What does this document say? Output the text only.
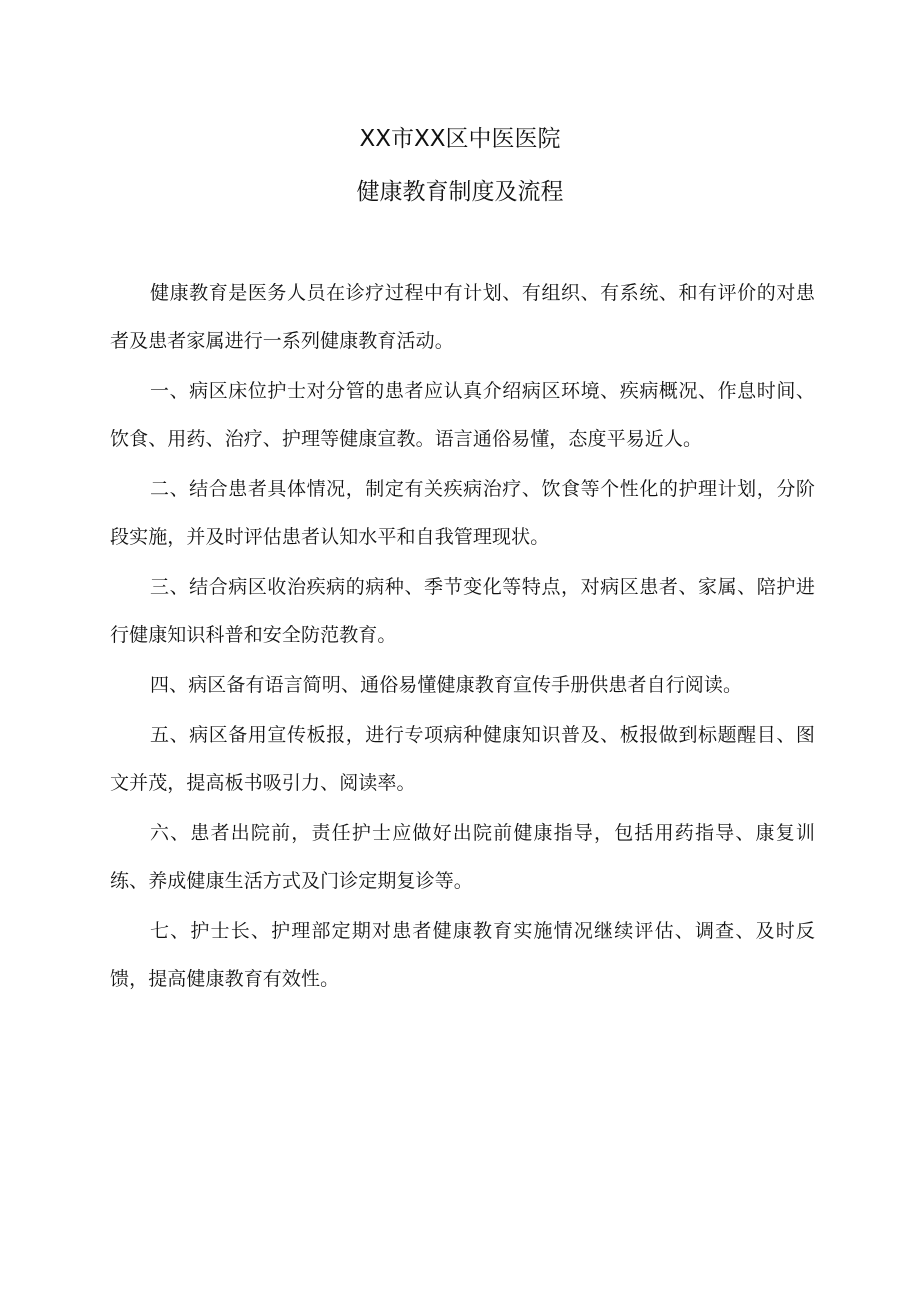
XX市XX区中医医院
健康教育制度及流程

健康教育是医务人员在诊疗过程中有计划、有组织、有系统、和有评价的对患者及患者家属进行一系列健康教育活动。

一、病区床位护士对分管的患者应认真介绍病区环境、疾病概况、作息时间、饮食、用药、治疗、护理等健康宣教。语言通俗易懂，态度平易近人。

二、结合患者具体情况，制定有关疾病治疗、饮食等个性化的护理计划，分阶段实施，并及时评估患者认知水平和自我管理现状。

三、结合病区收治疾病的病种、季节变化等特点，对病区患者、家属、陪护进行健康知识科普和安全防范教育。

四、病区备有语言简明、通俗易懂健康教育宣传手册供患者自行阅读。

五、病区备用宣传板报，进行专项病种健康知识普及、板报做到标题醒目、图文并茂，提高板书吸引力、阅读率。

六、患者出院前，责任护士应做好出院前健康指导，包括用药指导、康复训练、养成健康生活方式及门诊定期复诊等。

七、护士长、护理部定期对患者健康教育实施情况继续评估、调查、及时反馈，提高健康教育有效性。
